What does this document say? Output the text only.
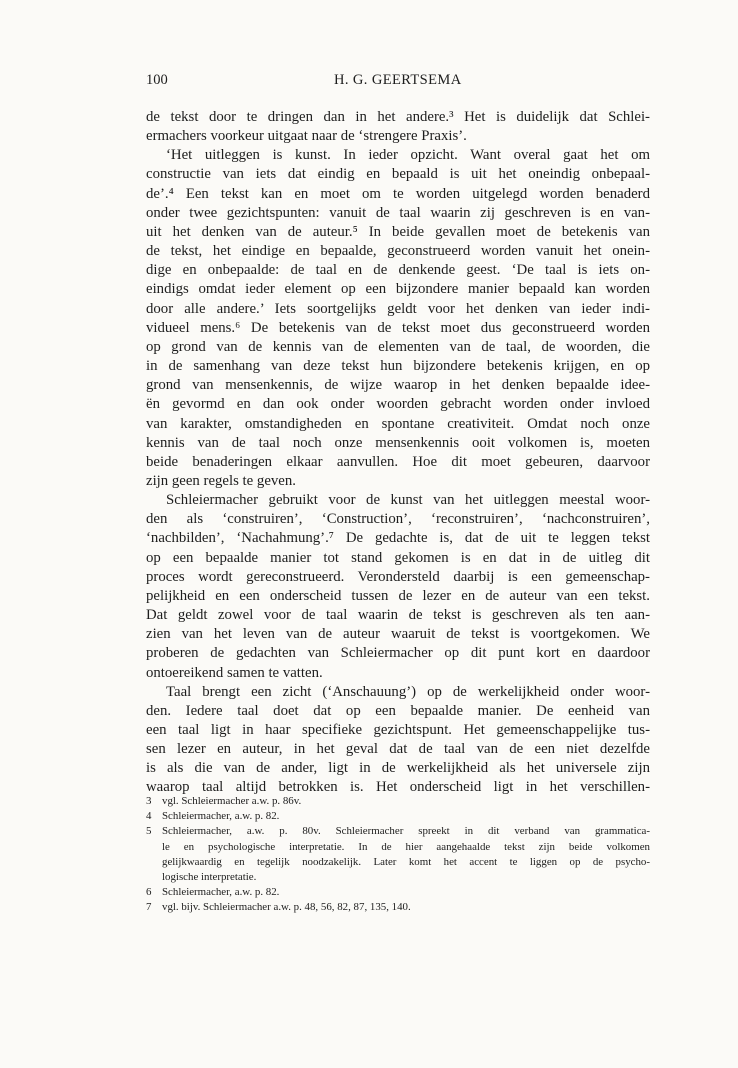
100	H. G. GEERTSEMA
de tekst door te dringen dan in het andere.³ Het is duidelijk dat Schlei-
ermachers voorkeur uitgaat naar de ‘strengere Praxis’.
‘Het uitleggen is kunst. In ieder opzicht. Want overal gaat het om
constructie van iets dat eindig en bepaald is uit het oneindig onbepaal-
de’.⁴ Een tekst kan en moet om te worden uitgelegd worden benaderd
onder twee gezichtspunten: vanuit de taal waarin zij geschreven is en van-
uit het denken van de auteur.⁵ In beide gevallen moet de betekenis van
de tekst, het eindige en bepaalde, geconstrueerd worden vanuit het onein-
dige en onbepaalde: de taal en de denkende geest. ‘De taal is iets on-
eindigs omdat ieder element op een bijzondere manier bepaald kan worden
door alle andere.’ Iets soortgelijks geldt voor het denken van ieder indi-
vidueel mens.⁶ De betekenis van de tekst moet dus geconstrueerd worden
op grond van de kennis van de elementen van de taal, de woorden, die
in de samenhang van deze tekst hun bijzondere betekenis krijgen, en op
grond van mensenkennis, de wijze waarop in het denken bepaalde idee-
ën gevormd en dan ook onder woorden gebracht worden onder invloed
van karakter, omstandigheden en spontane creativiteit. Omdat noch onze
kennis van de taal noch onze mensenkennis ooit volkomen is, moeten
beide benaderingen elkaar aanvullen. Hoe dit moet gebeuren, daarvoor
zijn geen regels te geven.
Schleiermacher gebruikt voor de kunst van het uitleggen meestal woor-
den als ‘construiren’, ‘Construction’, ‘reconstruiren’, ‘nachconstruiren’,
‘nachbilden’, ‘Nachahmung’.⁷ De gedachte is, dat de uit te leggen tekst
op een bepaalde manier tot stand gekomen is en dat in de uitleg dit
proces wordt gereconstrueerd. Verondersteld daarbij is een gemeenschap-
pelijkheid en een onderscheid tussen de lezer en de auteur van een tekst.
Dat geldt zowel voor de taal waarin de tekst is geschreven als ten aan-
zien van het leven van de auteur waaruit de tekst is voortgekomen. We
proberen de gedachten van Schleiermacher op dit punt kort en daardoor
ontoereikend samen te vatten.
Taal brengt een zicht (‘Anschauung’) op de werkelijkheid onder woor-
den. Iedere taal doet dat op een bepaalde manier. De eenheid van
een taal ligt in haar specifieke gezichtspunt. Het gemeenschappelijke tus-
sen lezer en auteur, in het geval dat de taal van de een niet dezelfde
is als die van de ander, ligt in de werkelijkheid als het universele zijn
waarop taal altijd betrokken is. Het onderscheid ligt in het verschillen-
3 vgl. Schleiermacher a.w. p. 86v.
4 Schleiermacher, a.w. p. 82.
5 Schleiermacher, a.w. p. 80v. Schleiermacher spreekt in dit verband van grammatica-
le en psychologische interpretatie. In de hier aangehaalde tekst zijn beide volkomen
gelijkwaardig en tegelijk noodzakelijk. Later komt het accent te liggen op de psycho-
logische interpretatie.
6 Schleiermacher, a.w. p. 82.
7 vgl. bijv. Schleiermacher a.w. p. 48, 56, 82, 87, 135, 140.
